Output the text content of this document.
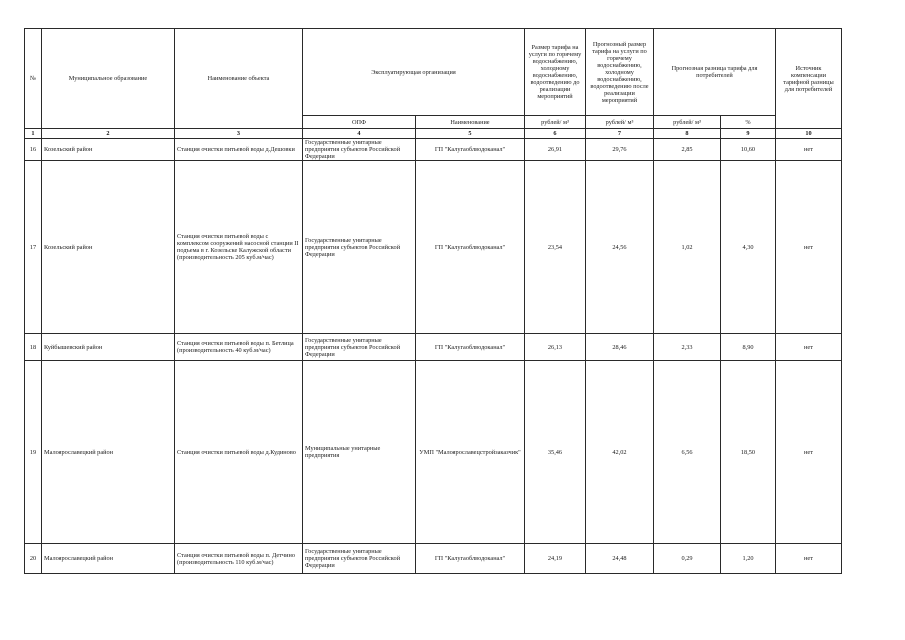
№	Муниципальное образование	Наименование объекта	Эксплуатирующая организация		Размер тарифа на услуги по горячему водоснабжению, холодному водоснабжению, водоотведению до реализации мероприятий	Прогнозный размер тарифа на услуги по горячему водоснабжению, холодному водоснабжению, водоотведению после реализации мероприятий	Прогнозная разница тарифа для потребителей		Источник компенсации тарифной разницы для потребителей
			ОПФ	Наименование	рублей/ м³	рублей/ м³	рублей/ м³	%	
1	2	3	4	5	6	7	8	9	10
16	Козельский район	Станция очистки питьевой воды д.Дешовки	Государственные унитарные предприятия субъектов Российской Федерации	ГП "Калугаоблводоканал"	26,91	29,76	2,85	10,60	нет
17	Козельский район	Станция очистки питьевой воды с комплексом сооружений насосной станции II подъема в г. Козельске Калужской области (производительность 205 куб.м/час)	Государственные унитарные предприятия субъектов Российской Федерации	ГП "Калугаоблводоканал"	23,54	24,56	1,02	4,30	нет
18	Куйбышевский район	Станция очистки питьевой воды п. Бетлица (производительность 40 куб.м/час)	Государственные унитарные предприятия субъектов Российской Федерации	ГП "Калугаоблводоканал"	26,13	28,46	2,33	8,90	нет
19	Малоярославецкий район	Станция очистки питьевой воды д.Кудиново	Муниципальные унитарные предприятия	УМП "Малоярославецстройзаказчик"	35,46	42,02	6,56	18,50	нет
20	Малоярославецкий район	Станция очистки питьевой воды п. Детчино (производительность 110 куб.м/час)	Государственные унитарные предприятия субъектов Российской Федерации	ГП "Калугаоблводоканал"	24,19	24,48	0,29	1,20	нет
